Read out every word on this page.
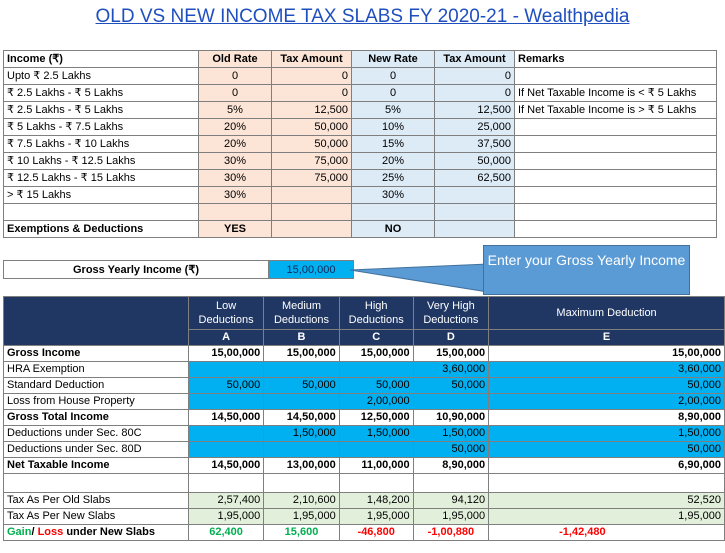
OLD VS NEW INCOME TAX SLABS FY 2020-21 - Wealthpedia
Income (₹)	Old Rate	Tax Amount	New Rate	Tax Amount	Remarks
Upto ₹ 2.5 Lakhs	0	0	0	0	
₹ 2.5 Lakhs - ₹ 5 Lakhs	0	0	0	0	If Net Taxable Income is < ₹ 5 Lakhs
₹ 2.5 Lakhs - ₹ 5 Lakhs	5%	12,500	5%	12,500	If Net Taxable Income is > ₹ 5 Lakhs
₹ 5 Lakhs - ₹ 7.5 Lakhs	20%	50,000	10%	25,000	
₹ 7.5 Lakhs - ₹ 10 Lakhs	20%	50,000	15%	37,500	
₹ 10 Lakhs - ₹ 12.5 Lakhs	30%	75,000	20%	50,000	
₹ 12.5 Lakhs - ₹ 15 Lakhs	30%	75,000	25%	62,500	
> ₹ 15 Lakhs	30%		30%		

Exemptions & Deductions	YES		NO		
Gross Yearly Income (₹)	15,00,000
Enter your Gross Yearly Income
	Low Deductions	Medium Deductions	High Deductions	Very High Deductions	Maximum Deduction
	A	B	C	D	E
Gross Income	15,00,000	15,00,000	15,00,000	15,00,000	15,00,000
HRA Exemption				3,60,000	3,60,000
Standard Deduction	50,000	50,000	50,000	50,000	50,000
Loss from House Property			2,00,000		2,00,000
Gross Total Income	14,50,000	14,50,000	12,50,000	10,90,000	8,90,000
Deductions under Sec. 80C		1,50,000	1,50,000	1,50,000	1,50,000
Deductions under Sec. 80D				50,000	50,000
Net Taxable Income	14,50,000	13,00,000	11,00,000	8,90,000	6,90,000

Tax As Per Old Slabs	2,57,400	2,10,600	1,48,200	94,120	52,520
Tax As Per New Slabs	1,95,000	1,95,000	1,95,000	1,95,000	1,95,000
Gain/ Loss under New Slabs	62,400	15,600	-46,800	-1,00,880	-1,42,480
